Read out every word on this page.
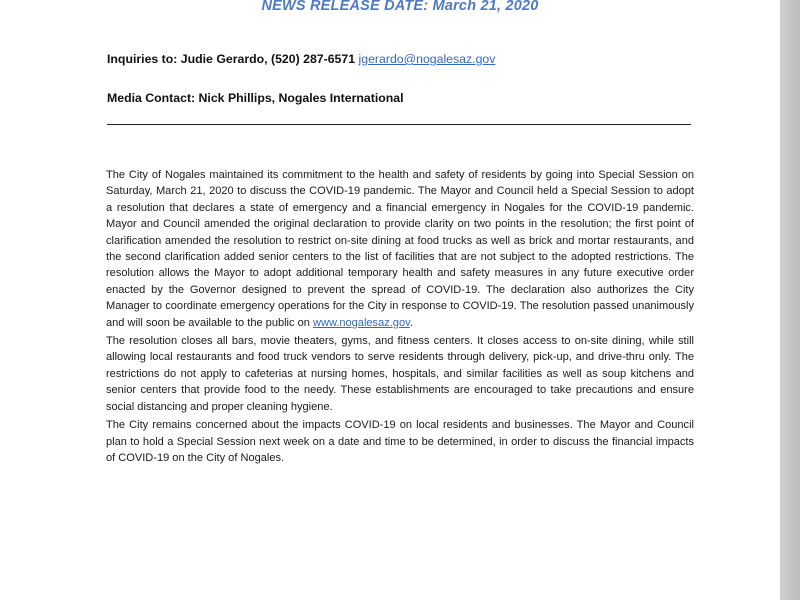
NEWS RELEASE DATE: March 21, 2020
Inquiries to: Judie Gerardo, (520) 287-6571 jgerardo@nogalesaz.gov
Media Contact: Nick Phillips, Nogales International

The City of Nogales maintained its commitment to the health and safety of residents by going into Special Session on Saturday, March 21, 2020 to discuss the COVID-19 pandemic. The Mayor and Council held a Special Session to adopt a resolution that declares a state of emergency and a financial emergency in Nogales for the COVID-19 pandemic. Mayor and Council amended the original declaration to provide clarity on two points in the resolution; the first point of clarification amended the resolution to restrict on-site dining at food trucks as well as brick and mortar restaurants, and the second clarification added senior centers to the list of facilities that are not subject to the adopted restrictions. The resolution allows the Mayor to adopt additional temporary health and safety measures in any future executive order enacted by the Governor designed to prevent the spread of COVID-19. The declaration also authorizes the City Manager to coordinate emergency operations for the City in response to COVID-19. The resolution passed unanimously and will soon be available to the public on www.nogalesaz.gov.

The resolution closes all bars, movie theaters, gyms, and fitness centers. It closes access to on-site dining, while still allowing local restaurants and food truck vendors to serve residents through delivery, pick-up, and drive-thru only. The restrictions do not apply to cafeterias at nursing homes, hospitals, and similar facilities as well as soup kitchens and senior centers that provide food to the needy. These establishments are encouraged to take precautions and ensure social distancing and proper cleaning hygiene.

The City remains concerned about the impacts COVID-19 on local residents and businesses. The Mayor and Council plan to hold a Special Session next week on a date and time to be determined, in order to discuss the financial impacts of COVID-19 on the City of Nogales.
